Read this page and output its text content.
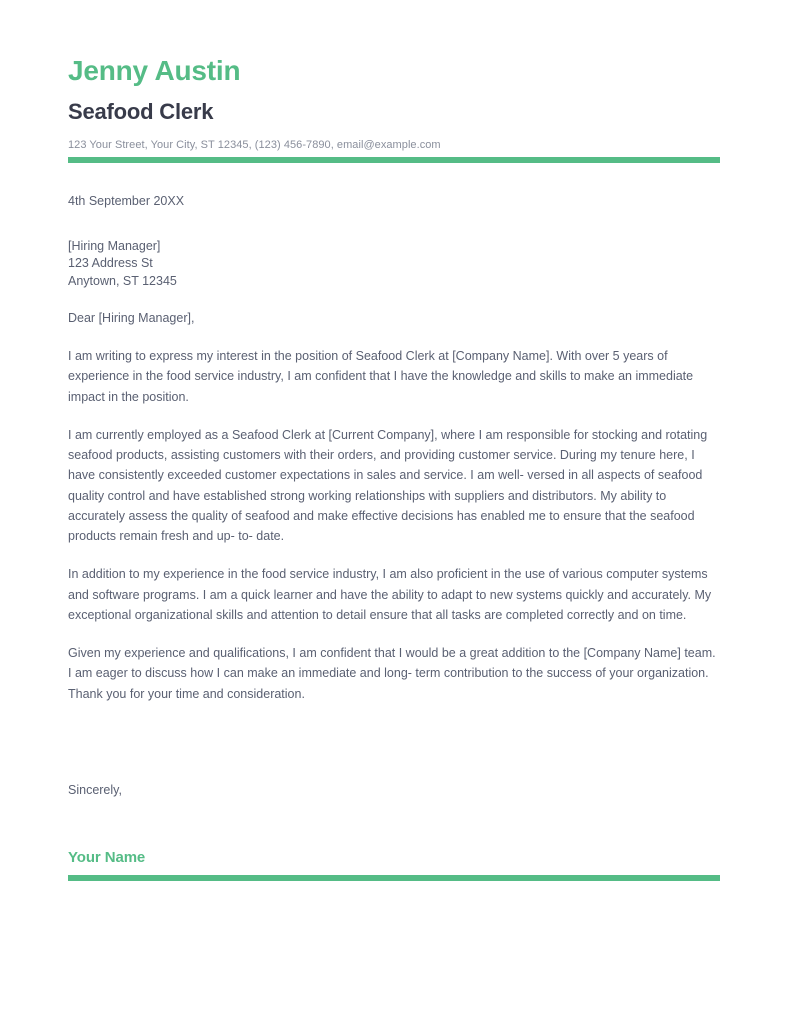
Jenny Austin
Seafood Clerk

123 Your Street, Your City, ST 12345, (123) 456-7890, email@example.com

4th September 20XX

[Hiring Manager]
123 Address St
Anytown, ST 12345

Dear [Hiring Manager],

I am writing to express my interest in the position of Seafood Clerk at [Company Name]. With over 5 years of experience in the food service industry, I am confident that I have the knowledge and skills to make an immediate impact in the position.

I am currently employed as a Seafood Clerk at [Current Company], where I am responsible for stocking and rotating seafood products, assisting customers with their orders, and providing customer service. During my tenure here, I have consistently exceeded customer expectations in sales and service. I am well- versed in all aspects of seafood quality control and have established strong working relationships with suppliers and distributors. My ability to accurately assess the quality of seafood and make effective decisions has enabled me to ensure that the seafood products remain fresh and up- to- date.

In addition to my experience in the food service industry, I am also proficient in the use of various computer systems and software programs. I am a quick learner and have the ability to adapt to new systems quickly and accurately. My exceptional organizational skills and attention to detail ensure that all tasks are completed correctly and on time.

Given my experience and qualifications, I am confident that I would be a great addition to the [Company Name] team. I am eager to discuss how I can make an immediate and long- term contribution to the success of your organization. Thank you for your time and consideration.

Sincerely,

Your Name
